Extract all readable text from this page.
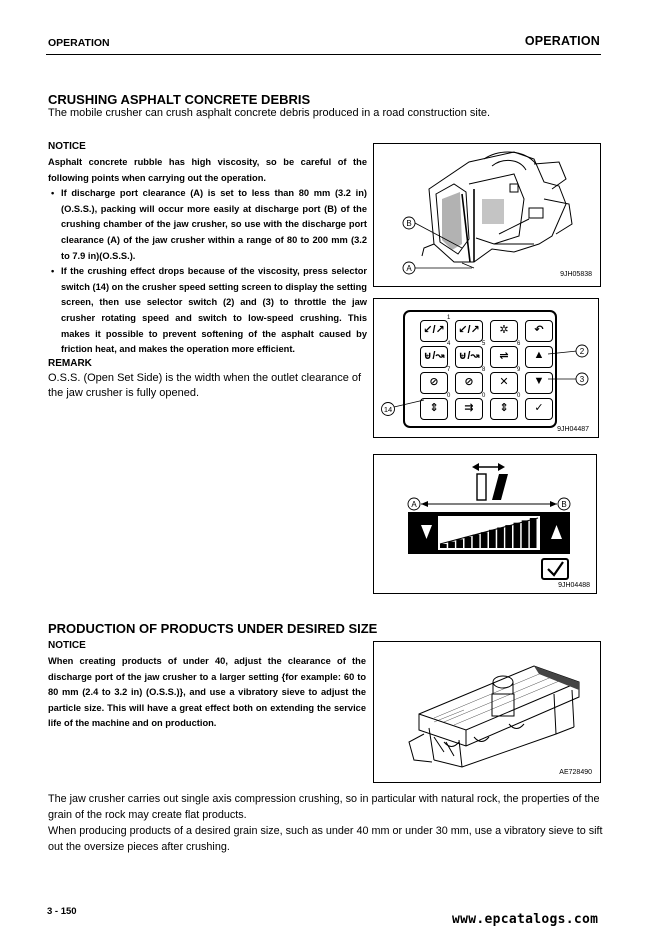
OPERATION	OPERATION
CRUSHING ASPHALT CONCRETE DEBRIS
The mobile crusher can crush asphalt concrete debris produced in a road construction site.
NOTICE

Asphalt concrete rubble has high viscosity, so be careful of the following points when carrying out the operation.

• If discharge port clearance (A) is set to less than 80 mm (3.2 in)(O.S.S.), packing will occur more easily at discharge port (B) of the crushing chamber of the jaw crusher, so use with the discharge port clearance (A) of the jaw crusher within a range of 80 to 200 mm (3.2 to 7.9 in)(O.S.S.).
• If the crushing effect drops because of the viscosity, press selector switch (14) on the crusher speed setting screen to display the setting screen, then use selector switch (2) and (3) to throttle the jaw crusher rotating speed and switch to low-speed crushing. This makes it possible to prevent softening of the asphalt caused by friction heat, and makes the operation more efficient.
REMARK
O.S.S. (Open Set Side) is the width when the outlet clearance of the jaw crusher is fully opened.
B
A
9JH05838
1
↙/↗ ↙/↗	✲	↶
4
⊌/↝
5
⊌/↝
6
⇌	▲
7
⊘
8
⊘
9
✕	▼
0
⇕
0
⇉
0
⇕	✓
2
3
14
9JH04487
A	B
9JH04488
PRODUCTION OF PRODUCTS UNDER DESIRED SIZE
NOTICE
When creating products of under 40, adjust the clearance of the discharge port of the jaw crusher to a larger setting {for example: 60 to 80 mm (2.4 to 3.2 in) (O.S.S.)}, and use a vibratory sieve to adjust the particle size. This will have a great effect both on extending the service life of the machine and on production.
AE728490

The jaw crusher carries out single axis compression crushing, so in particular with natural rock, the properties of the grain of the rock may create flat products.

When producing products of a desired grain size, such as under 40 mm or under 30 mm, use a vibratory sieve to sift out the oversize pieces after crushing.

3 - 150
www.epcatalogs.com
